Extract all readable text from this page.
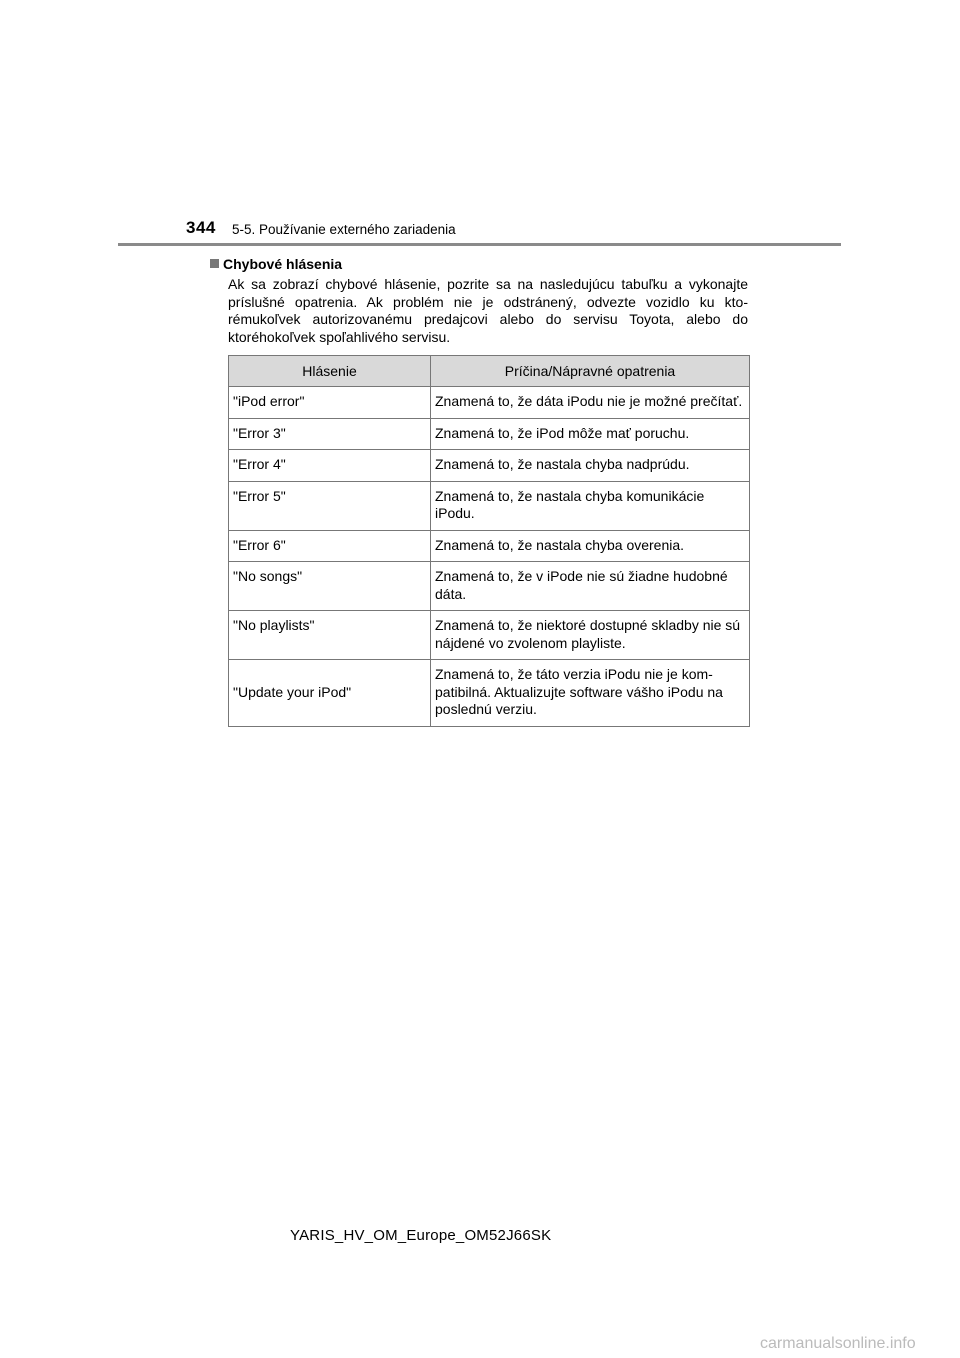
344 5-5. Používanie externého zariadenia
Chybové hlásenia
Ak sa zobrazí chybové hlásenie, pozrite sa na nasledujúcu tabuľku a vykonajte príslušné opatrenia. Ak problém nie je odstránený, odvezte vozidlo ku ktorémukoľvek autorizovanému predajcovi alebo do servisu Toyota, alebo do ktoréhokoľvek spoľahlivého servisu.
Hlásenie	Príčina/Nápravné opatrenia
"iPod error"	Znamená to, že dáta iPodu nie je možné prečítať.
"Error 3"	Znamená to, že iPod môže mať poruchu.
"Error 4"	Znamená to, že nastala chyba nadprúdu.
"Error 5"	Znamená to, že nastala chyba komunikácie iPodu.
"Error 6"	Znamená to, že nastala chyba overenia.
"No songs"	Znamená to, že v iPode nie sú žiadne hudobné dáta.
"No playlists"	Znamená to, že niektoré dostupné skladby nie sú nájdené vo zvolenom playliste.
"Update your iPod"	Znamená to, že táto verzia iPodu nie je kompatibilná. Aktualizujte software vášho iPodu na poslednú verziu.
YARIS_HV_OM_Europe_OM52J66SK
carmanualsonline.info
